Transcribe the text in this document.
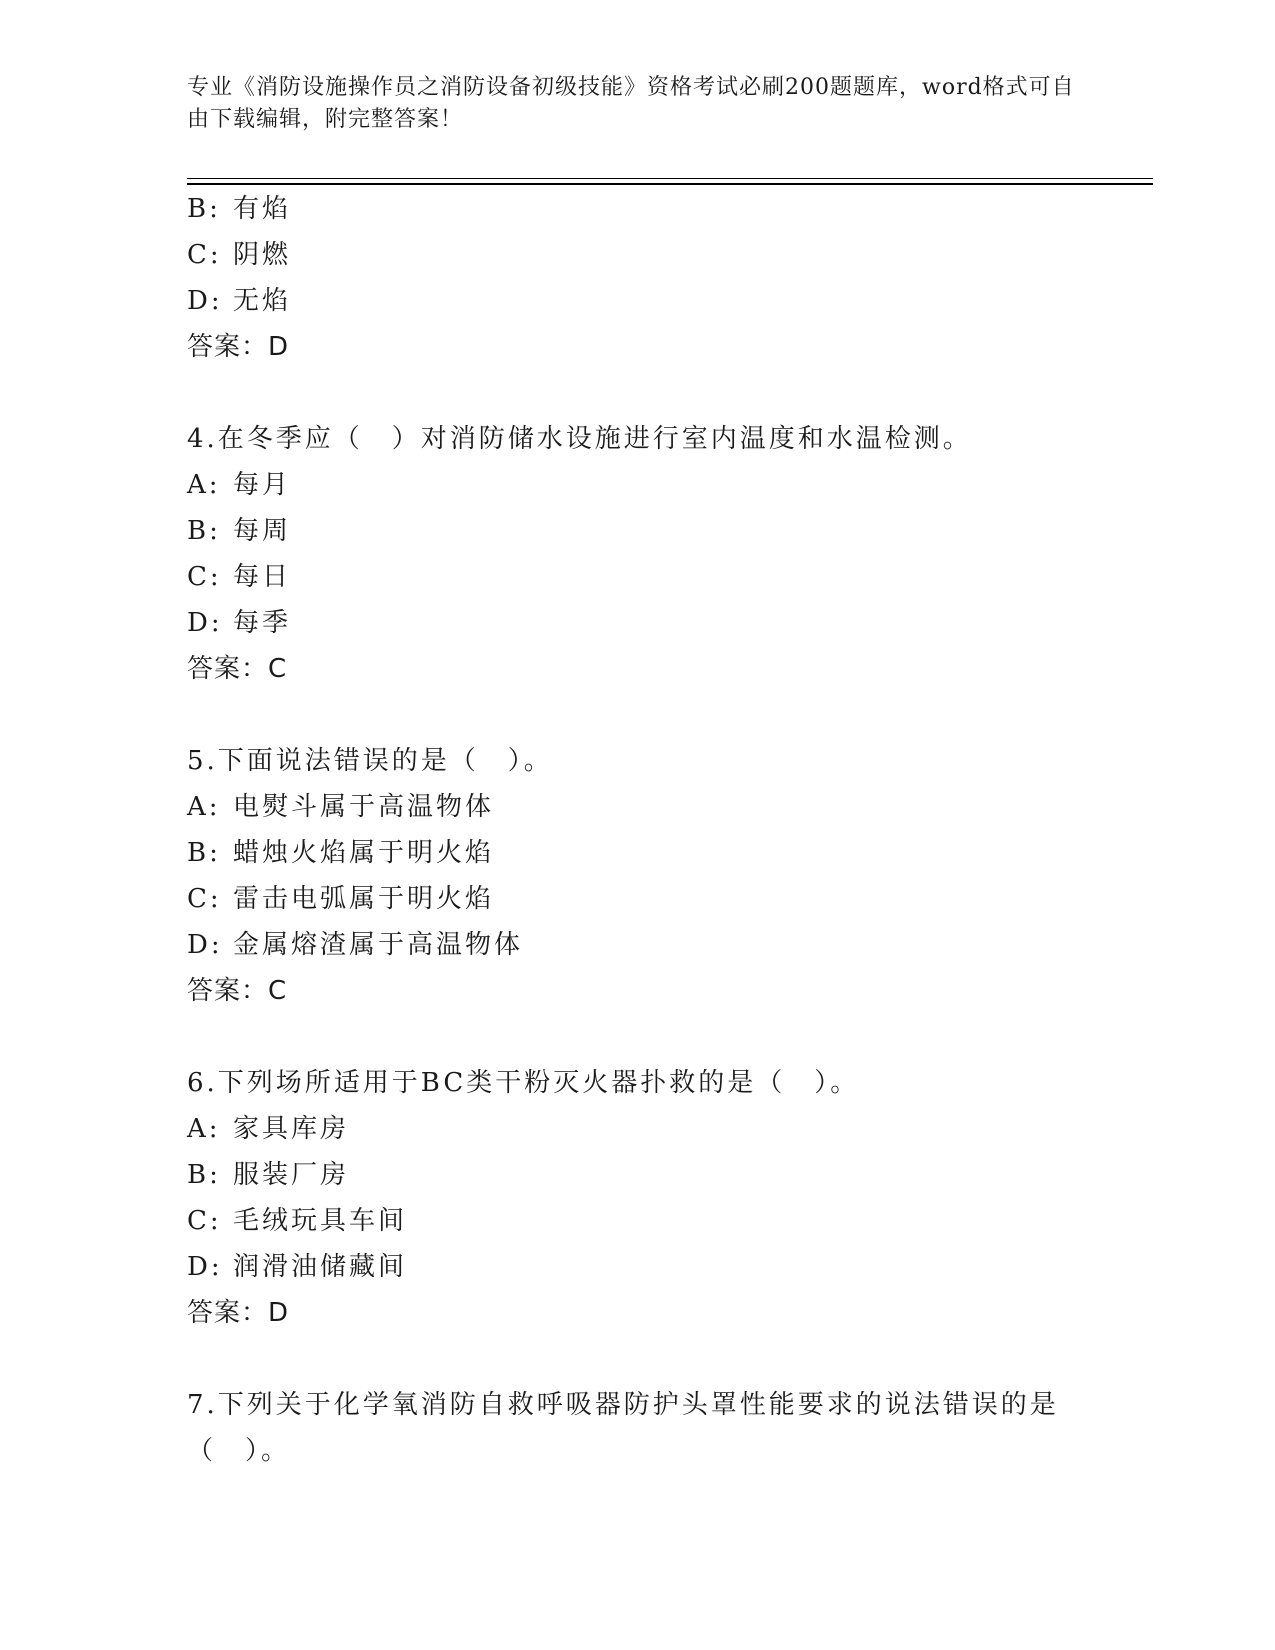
专业《消防设施操作员之消防设备初级技能》资格考试必刷200题题库，word格式可自由下载编辑，附完整答案！
B: 有焰
C: 阴燃
D: 无焰
答案：D
4.在冬季应（　）对消防储水设施进行室内温度和水温检测。
A: 每月
B: 每周
C: 每日
D: 每季
答案：C
5.下面说法错误的是（　）。
A: 电熨斗属于高温物体
B: 蜡烛火焰属于明火焰
C: 雷击电弧属于明火焰
D: 金属熔渣属于高温物体
答案：C
6.下列场所适用于BC类干粉灭火器扑救的是（　）。
A: 家具库房
B: 服装厂房
C: 毛绒玩具车间
D: 润滑油储藏间
答案：D
7.下列关于化学氧消防自救呼吸器防护头罩性能要求的说法错误的是（　）。
